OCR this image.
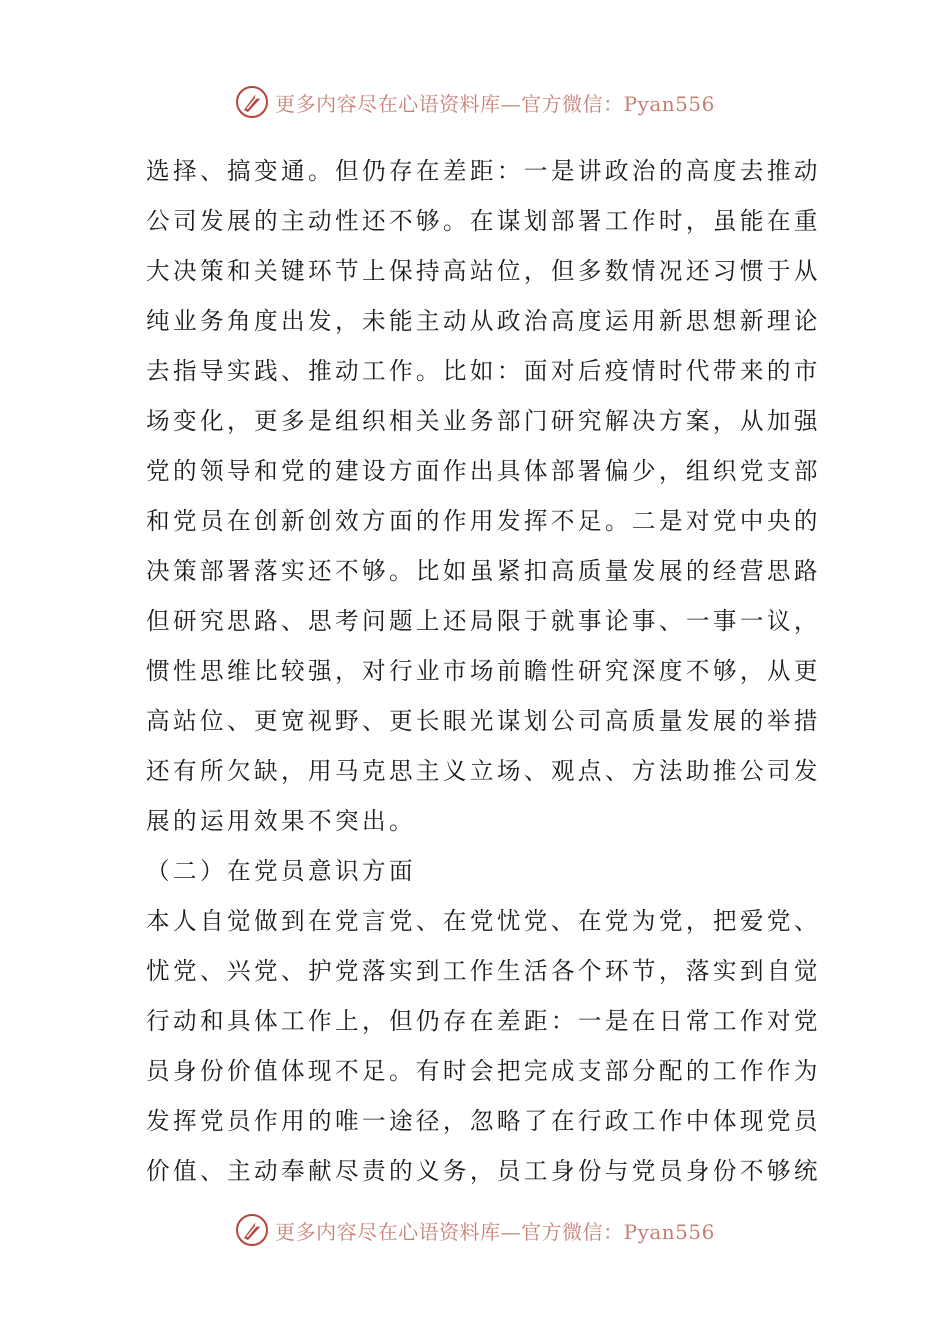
更多内容尽在心语资料库—官方微信：Pyan556
选择、搞变通。但仍存在差距：一是讲政治的高度去推动
公司发展的主动性还不够。在谋划部署工作时，虽能在重
大决策和关键环节上保持高站位，但多数情况还习惯于从
纯业务角度出发，未能主动从政治高度运用新思想新理论
去指导实践、推动工作。比如：面对后疫情时代带来的市
场变化，更多是组织相关业务部门研究解决方案，从加强
党的领导和党的建设方面作出具体部署偏少，组织党支部
和党员在创新创效方面的作用发挥不足。二是对党中央的
决策部署落实还不够。比如虽紧扣高质量发展的经营思路
但研究思路、思考问题上还局限于就事论事、一事一议，
惯性思维比较强，对行业市场前瞻性研究深度不够，从更
高站位、更宽视野、更长眼光谋划公司高质量发展的举措
还有所欠缺，用马克思主义立场、观点、方法助推公司发
展的运用效果不突出。
（二）在党员意识方面
本人自觉做到在党言党、在党忧党、在党为党，把爱党、
忧党、兴党、护党落实到工作生活各个环节，落实到自觉
行动和具体工作上，但仍存在差距：一是在日常工作对党
员身份价值体现不足。有时会把完成支部分配的工作作为
发挥党员作用的唯一途径，忽略了在行政工作中体现党员
价值、主动奉献尽责的义务，员工身份与党员身份不够统
更多内容尽在心语资料库—官方微信：Pyan556
